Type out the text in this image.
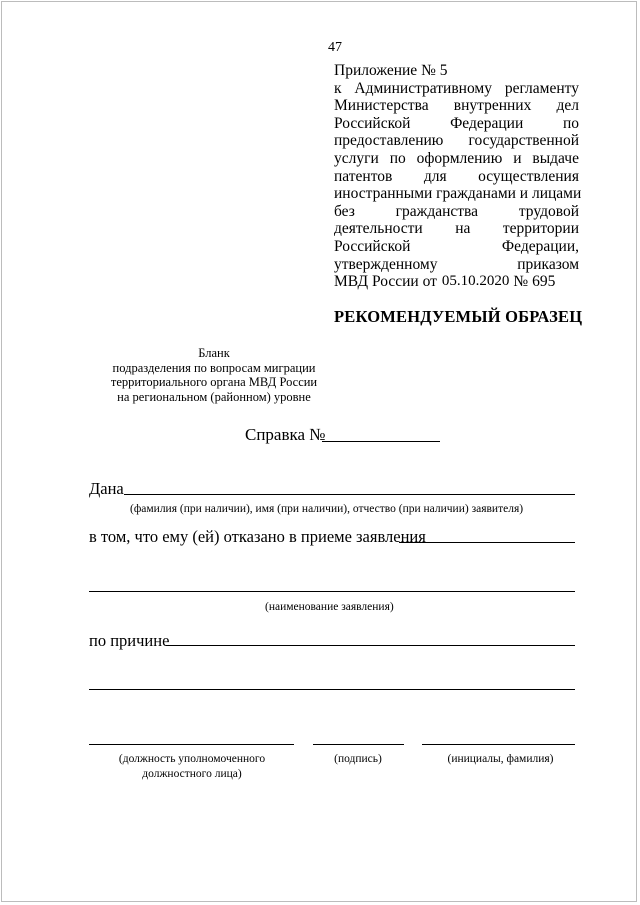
47
Приложение № 5
к Административному регламенту
Министерства внутренних дел
Российской	Федерации	по
предоставлению государственной
услуги по оформлению и выдаче
патентов для осуществления
иностранными гражданами и лицами
без	гражданства	трудовой
деятельности на территории
Российской	Федерации,
утвержденному	приказом
МВД России от 05.10.2020 № 695
РЕКОМЕНДУЕМЫЙ ОБРАЗЕЦ
Бланк
подразделения по вопросам миграции
территориального органа МВД России
на региональном (районном) уровне
Справка №
Дана
(фамилия (при наличии), имя (при наличии), отчество (при наличии) заявителя)
в том, что ему (ей) отказано в приеме заявления
(наименование заявления)
по причине
(должность уполномоченного
должностного лица)
(подпись)	(инициалы, фамилия)
